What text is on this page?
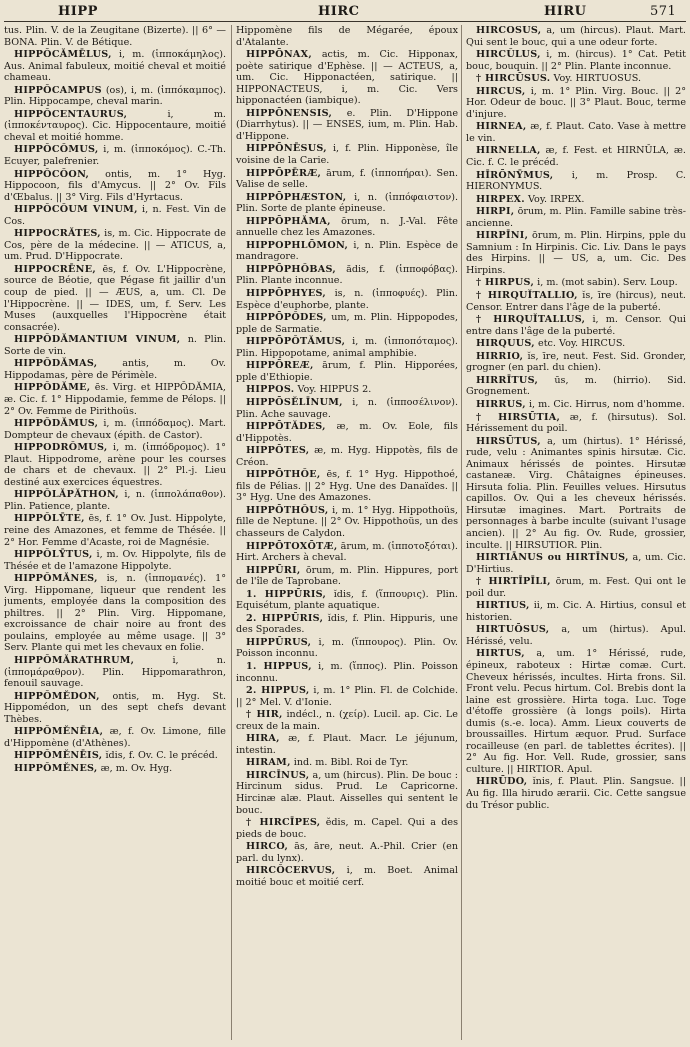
HIPP	HIRC	HIRU	571

tus. Plin. V. de la Zeugitane (Bizerte). || 6° — BONA. Plin. V. de Bétique.

HIPPŎCĂMĒLUS, i, m. (ἱπποκάμηλος). Aus. Animal fabuleux, moitié cheval et moitié chameau.

HIPPŎCAMPUS (os), i, m. (ἱππόκαμπος). Plin. Hippocampe, cheval marin.

HIPPŎCENTAURUS,	i, m. (ἱπποκένταυρος). Cic. Hippocentaure, moitié cheval et moitié homme.

HIPPŎCŎMUS, i, m. (ἱπποκόμος). C.-Th. Ecuyer, palefrenier.

HIPPŎCŎON, ontis, m. 1° Hyg. Hippocoon, fils d'Amycus. || 2° Ov. Fils d'Œbalus. || 3° Virg. Fils d'Hyrtacus.

HIPPŎCŎUM VINUM, i, n. Fest. Vin de Cos.

HIPPOCRĂTES, is, m. Cic. Hippocrate de Cos, père de la médecine. || — ATICUS, a, um. Prud. D'Hippocrate.

HIPPOCRĒNE, ēs, f. Ov. L'Hippocrène, source de Béotie, que Pégase fit jaillir d'un coup de pied. || — ÆUS, a, um. Cl. De l'Hippocrène. || — IDES, um, f. Serv. Les Muses (auxquelles l'Hippocrène était consacrée).

HIPPŎDĂMANTIUM VINUM, n. Plin. Sorte de vin.

HIPPŎDĂMAS,	antis, m. Ov. Hippodamas, père de Périmèle.

HIPPŎDĂME, ēs. Virg. et HIPPŎDĂMIA, æ. Cic. f. 1° Hippodamie, femme de Pélops. || 2° Ov. Femme de Pirithoüs.

HIPPŎDĂMUS, i, m. (ἱππόδαμος). Mart. Dompteur de chevaux (épith. de Castor).

HIPPODRŎMUS, i, m. (ἱππόδρομος). 1° Plaut. Hippodrome, arène pour les courses de chars et de chevaux. || 2° Pl.-j. Lieu destiné aux exercices équestres.

HIPPŎLĂPĂTHON, i, n. (ἱππολάπαθον). Plin. Patience, plante.

HIPPŎLȲTE, ēs, f. 1° Ov. Just. Hippolyte, reine des Amazones, et femme de Thésée. || 2° Hor. Femme d'Acaste, roi de Magnésie.

HIPPŎLȲTUS, i, m. Ov. Hippolyte, fils de Thésée et de l'amazone Hippolyte.

HIPPŎMĂNES, is, n. (ἱππομανές). 1° Virg. Hippomane, liqueur que rendent les juments, employée dans la composition des philtres. || 2° Plin. Virg. Hippomane, excroissance de chair noire au front des poulains, employée au même usage. || 3° Serv. Plante qui met les chevaux en folie.

HIPPŎMĂRATHRUM,	i, n. (ἱππομάραθρον). Plin. Hippomarathron, fenouil sauvage.

HIPPŎMĔDON, ontis, m. Hyg. St. Hippomédon, un des sept chefs devant Thèbes.

HIPPŎMĔNĒIA, æ, f. Ov. Limone, fille d'Hippomène (d'Athènes).

HIPPŎMĔNĒIS, ĭdis, f. Ov. C. le précéd.

HIPPŎMĔNES, æ, m. Ov. Hyg.

Hippomène fils de Mégarée, époux d'Atalante.

HIPPŌNAX, actis, m. Cic. Hipponax, poète satirique d'Ephèse. || — ACTEUS, a, um. Cic. Hipponactéen, satirique. || HIPPONACTEUS, i, m. Cic. Vers hipponactéen (iambique).

HIPPŌNENSIS, e. Plin. D'Hippone (Diarrhytus). || — ENSES, ium, m. Plin. Hab. d'Hippone.

HIPPŌNĒSUS, i, f. Plin. Hipponèse, île voisine de la Carie.

HIPPŌPĒRÆ, ārum, f. (ἱπποπήραι). Sen. Valise de selle.

HIPPŌPHÆSTON, i, n. (ἱππόφαιστον). Plin. Sorte de plante épineuse.

HIPPŌPHĂMA, ōrum, n. J.-Val. Fête annuelle chez les Amazones.

HIPPOPHLŌMON, i, n. Plin. Espèce de mandragore.

HIPPŌPHŎBAS, ădis, f. (ἱπποφόβας). Plin. Plante inconnue.

HIPPŌPHYES, is, n. (ἱπποφυές). Plin. Espèce d'euphorbe, plante.

HIPPŌPŎDES, um, m. Plin. Hippopodes, pple de Sarmatie.

HIPPŌPŎTĂMUS, i, m. (ἱπποπόταμος). Plin. Hippopotame, animal amphibie.

HIPPŌREÆ, ārum, f. Plin. Hipporées, pple d'Ethiopie.

HIPPOS. Voy. HIPPUS 2.

HIPPŌSĔLĪNUM, i, n. (ἱπποσέλινον). Plin. Ache sauvage.

HIPPŌTĂDES, æ, m. Ov. Eole, fils d'Hippotès.

HIPPŌTES, æ, m. Hyg. Hippotès, fils de Créon.

HIPPŌTHŎE, ēs, f. 1° Hyg. Hippothoé, fils de Pélias. || 2° Hyg. Une des Danaïdes. || 3° Hyg. Une des Amazones.

HIPPŌTHŎUS, i, m. 1° Hyg. Hippothoüs, fille de Neptune. || 2° Ov. Hippothoüs, un des chasseurs de Calydon.

HIPPŌTOXŌTÆ, ārum, m. (ἱπποτοξόται). Hirt. Archers à cheval.

HIPPŪRI, ōrum, m. Plin. Hippures, port de l'île de Taprobane.

1. HIPPŪRIS, ĭdis, f. (ἵππουρις). Plin. Equisétum, plante aquatique.

2. HIPPŪRIS, ĭdis, f. Plin. Hippuris, une des Sporades.

HIPPŪRUS, i, m. (ἵππουρος). Plin. Ov. Poisson inconnu.

1. HIPPUS, i, m. (ἵππος). Plin. Poisson inconnu.

2. HIPPUS, i, m. 1° Plin. Fl. de Colchide. || 2° Mel. V. d'Ionie.

† HIR, indécl., n. (χείρ). Lucil. ap. Cic. Le creux de la main.

HIRA, æ, f. Plaut. Macr. Le jéjunum, intestin.

HIRAM, ind. m. Bibl. Roi de Tyr.

HIRCĪNUS, a, um (hircus). Plin. De bouc : Hircinum sidus. Prud. Le Capricorne. Hircinæ alæ. Plaut. Aisselles qui sentent le bouc.

† HIRCĪPES, ĕdis, m. Capel. Qui a des pieds de bouc.

HIRCO, ās, āre, neut. A.-Phil. Crier (en parl. du lynx).

HIRCŎCERVUS, i, m. Boet. Animal moitié bouc et moitié cerf.

HIRCŌSUS, a, um (hircus). Plaut. Mart. Qui sent le bouc, qui a une odeur forte.

HIRCŬLUS, i, m. (hircus). 1° Cat. Petit bouc, bouquin. || 2° Plin. Plante inconnue.

† HIRCŪSUS. Voy. HIRTUOSUS.

HIRCUS, i, m. 1° Plin. Virg. Bouc. || 2° Hor. Odeur de bouc. || 3° Plaut. Bouc, terme d'injure.

HIRNEA, æ, f. Plaut. Cato. Vase à mettre le vin.

HIRNELLA, æ, f. Fest. et HIRNŬLA, æ. Cic. f. C. le précéd.

HĪRŌNȲMUS, i, m. Prosp. C. HIERONYMUS.

HIRPEX. Voy. IRPEX.

HIRPI, ōrum, m. Plin. Famille sabine très-ancienne.

HIRPĪNI, ōrum, m. Plin. Hirpins, pple du Samnium : In Hirpinis. Cic. Liv. Dans le pays des Hirpins. || — US, a, um. Cic. Des Hirpins.

† HIRPUS, i, m. (mot sabin). Serv. Loup.

† HIRQUĬTALLIO, ĭs, īre (hircus), neut. Censor. Entrer dans l'âge de la puberté.

† HIRQUĬTALLUS, i, m. Censor. Qui entre dans l'âge de la puberté.

HIRQUUS, etc. Voy. HIRCUS.

HIRRIO, ĭs, īre, neut. Fest. Sid. Gronder, grogner (en parl. du chien).

HIRRĪTUS, ūs, m. (hirrio). Sid. Grognement.

HIRRUS, i, m. Cic. Hirrus, nom d'homme.

† HIRSŪTIA, æ, f. (hirsutus). Sol. Hérissement du poil.

HIRSŪTUS, a, um (hirtus). 1° Hérissé, rude, velu : Animantes spinis hirsutæ. Cic. Animaux hérissés de pointes. Hirsutæ castaneæ. Virg. Châtaignes épineuses. Hirsuta folia. Plin. Feuilles velues. Hirsutus capillos. Ov. Qui a les cheveux hérissés. Hirsutæ imagines. Mart. Portraits de personnages à barbe inculte (suivant l'usage ancien). || 2° Au fig. Ov. Rude, grossier, inculte. || HIRSUTIOR. Plin.

HIRTIĀNUS ou HIRTĪNUS, a, um. Cic. D'Hirtius.

† HIRTĪPĪLI, ōrum, m. Fest. Qui ont le poil dur.

HIRTIUS, ii, m. Cic. A. Hirtius, consul et historien.

HIRTUŌSUS, a, um (hirtus). Apul. Hérissé, velu.

HIRTUS, a, um. 1° Hérissé, rude, épineux, raboteux : Hirtæ comæ. Curt. Cheveux hérissés, incultes. Hirta frons. Sil. Front velu. Pecus hirtum. Col. Brebis dont la laine est grossière. Hirta toga. Luc. Toge d'étoffe grossière (à longs poils). Hirta dumis (s.-e. loca). Amm. Lieux couverts de broussailles. Hirtum æquor. Prud. Surface rocailleuse (en parl. de tablettes écrites). || 2° Au fig. Hor. Vell. Rude, grossier, sans culture. || HIRTIOR. Apul.

HIRŪDO, ĭnis, f. Plaut. Plin. Sangsue. || Au fig. Illa hirudo ærarii. Cic. Cette sangsue du Trésor public.
